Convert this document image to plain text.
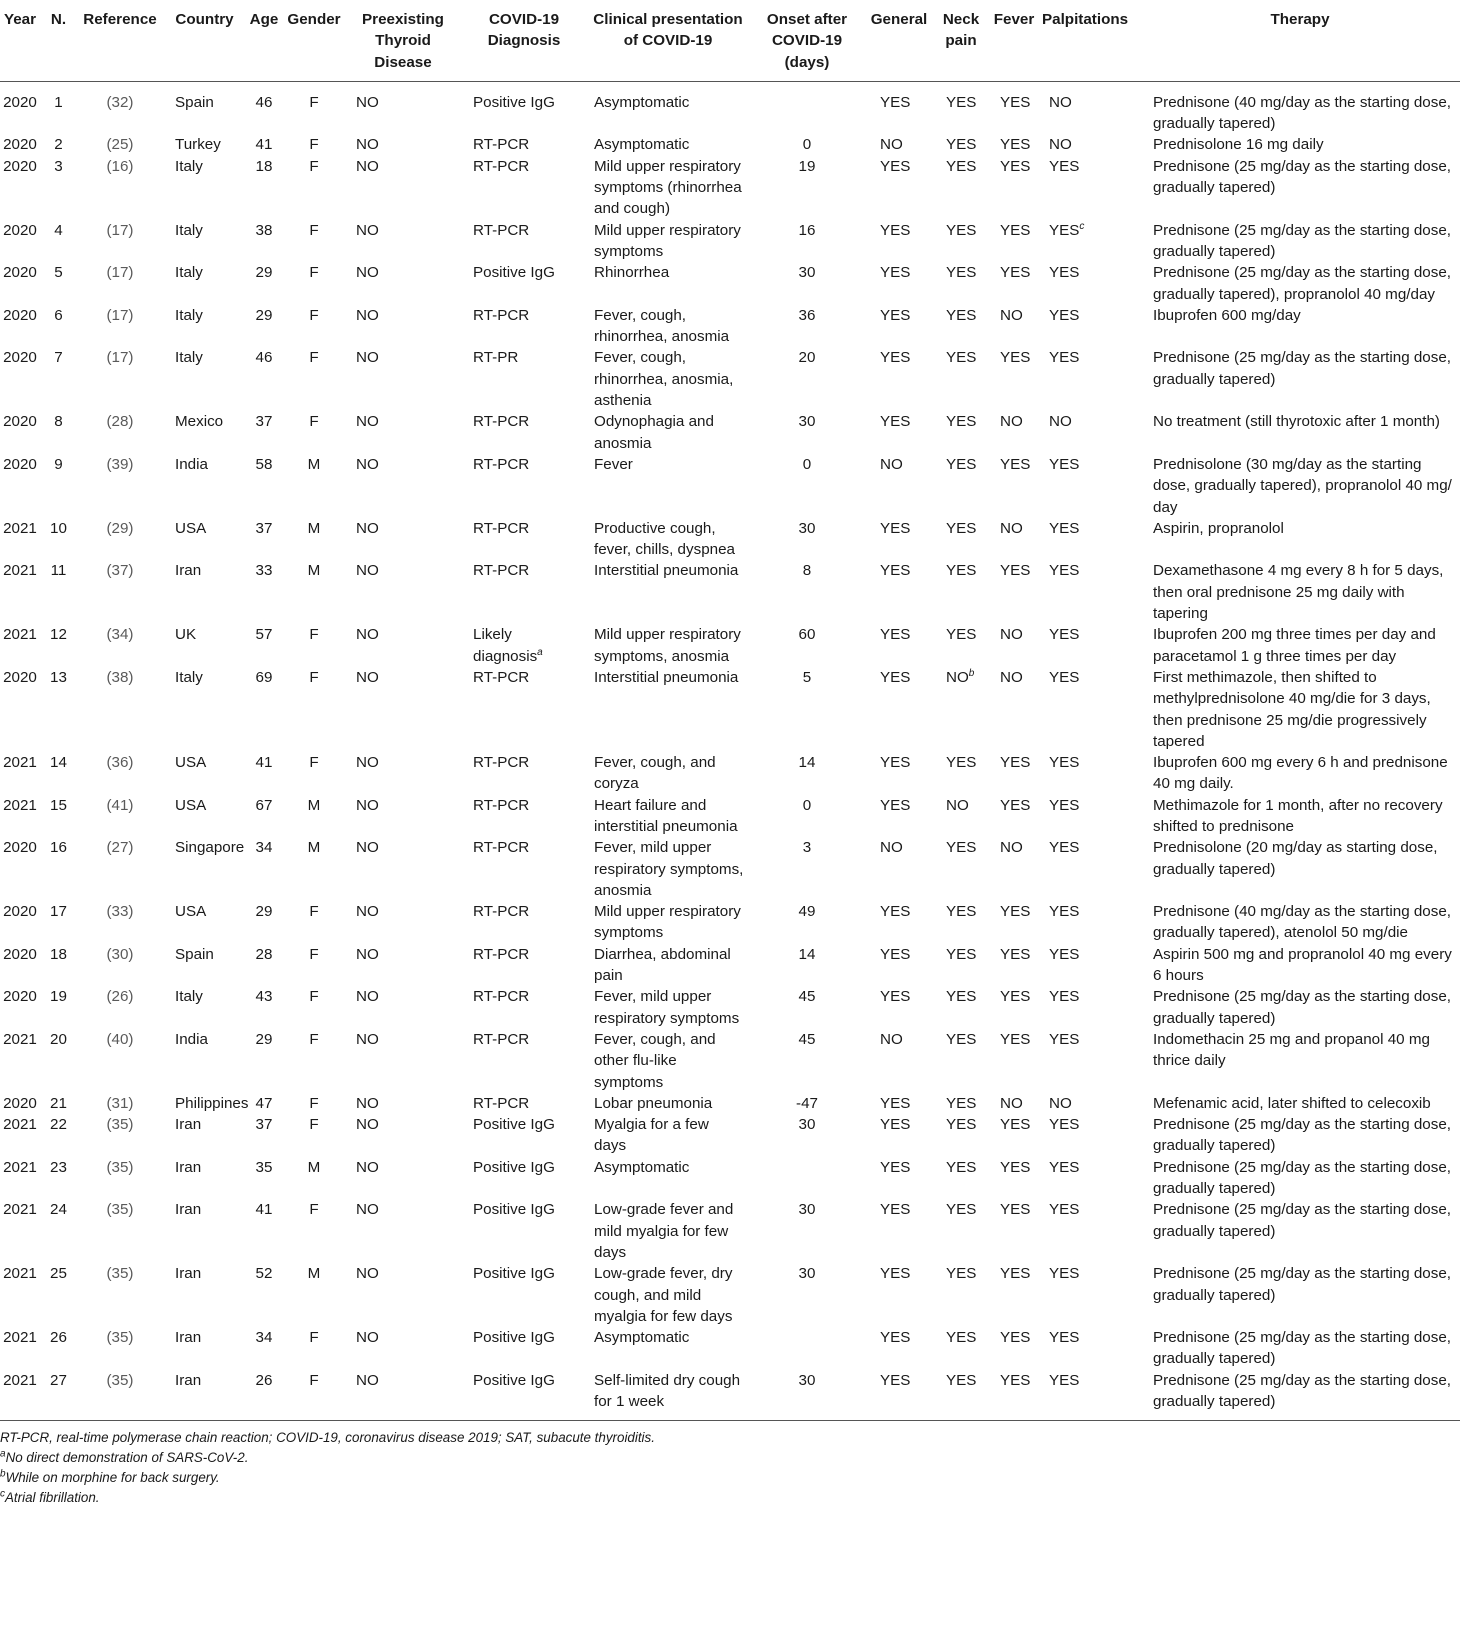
Year	N.	Reference	Country	Age	Gender	Preexisting Thyroid Disease	COVID-19 Diagnosis	Clinical presentation of COVID-19	Onset after COVID-19 (days)	General	Neck pain	Fever	Palpitations	Therapy
2020	1	(32)	Spain	46	F	NO	Positive IgG	Asymptomatic		YES	YES	YES	NO	Prednisone (40 mg/day as the starting dose, gradually tapered)
2020	2	(25)	Turkey	41	F	NO	RT-PCR	Asymptomatic	0	NO	YES	YES	NO	Prednisolone 16 mg daily
2020	3	(16)	Italy	18	F	NO	RT-PCR	Mild upper respiratory symptoms (rhinorrhea and cough)	19	YES	YES	YES	YES	Prednisone (25 mg/day as the starting dose, gradually tapered)
2020	4	(17)	Italy	38	F	NO	RT-PCR	Mild upper respiratory symptoms	16	YES	YES	YES	YES$^c$	Prednisone (25 mg/day as the starting dose, gradually tapered)
2020	5	(17)	Italy	29	F	NO	Positive IgG	Rhinorrhea	30	YES	YES	YES	YES	Prednisone (25 mg/day as the starting dose, gradually tapered), propranolol 40 mg/day
2020	6	(17)	Italy	29	F	NO	RT-PCR	Fever, cough, rhinorrhea, anosmia	36	YES	YES	NO	YES	Ibuprofen 600 mg/day
2020	7	(17)	Italy	46	F	NO	RT-PR	Fever, cough, rhinorrhea, anosmia, asthenia	20	YES	YES	YES	YES	Prednisone (25 mg/day as the starting dose, gradually tapered)
2020	8	(28)	Mexico	37	F	NO	RT-PCR	Odynophagia and anosmia	30	YES	YES	NO	NO	No treatment (still thyrotoxic after 1 month)
2020	9	(39)	India	58	M	NO	RT-PCR	Fever	0	NO	YES	YES	YES	Prednisolone (30 mg/day as the starting dose, gradually tapered), propranolol 40 mg/ day
2021	10	(29)	USA	37	M	NO	RT-PCR	Productive cough, fever, chills, dyspnea	30	YES	YES	NO	YES	Aspirin, propranolol
2021	11	(37)	Iran	33	M	NO	RT-PCR	Interstitial pneumonia	8	YES	YES	YES	YES	Dexamethasone 4 mg every 8 h for 5 days, then oral prednisone 25 mg daily with tapering
2021	12	(34)	UK	57	F	NO	Likely diagnosis$^a$	Mild upper respiratory symptoms, anosmia	60	YES	YES	NO	YES	Ibuprofen 200 mg three times per day and paracetamol 1 g three times per day
2020	13	(38)	Italy	69	F	NO	RT-PCR	Interstitial pneumonia	5	YES	$NO^b$	NO	YES	First methimazole, then shifted to methylprednisolone 40 mg/die for 3 days, then prednisone 25 mg/die progressively tapered
2021	14	(36)	USA	41	F	NO	RT-PCR	Fever, cough, and coryza	14	YES	YES	YES	YES	Ibuprofen 600 mg every 6 h and prednisone 40 mg daily.
2021	15	(41)	USA	67	M	NO	RT-PCR	Heart failure and interstitial pneumonia	0	YES	NO	YES	YES	Methimazole for 1 month, after no recovery shifted to prednisone
2020	16	(27)	Singapore	34	M	NO	RT-PCR	Fever, mild upper respiratory symptoms, anosmia	3	NO	YES	NO	YES	Prednisolone (20 mg/day as starting dose, gradually tapered)
2020	17	(33)	USA	29	F	NO	RT-PCR	Mild upper respiratory symptoms	49	YES	YES	YES	YES	Prednisone (40 mg/day as the starting dose, gradually tapered), atenolol 50 mg/die
2020	18	(30)	Spain	28	F	NO	RT-PCR	Diarrhea, abdominal pain	14	YES	YES	YES	YES	Aspirin 500 mg and propranolol 40 mg every 6 hours
2020	19	(26)	Italy	43	F	NO	RT-PCR	Fever, mild upper respiratory symptoms	45	YES	YES	YES	YES	Prednisone (25 mg/day as the starting dose, gradually tapered)
2021	20	(40)	India	29	F	NO	RT-PCR	Fever, cough, and other flu-like symptoms	45	NO	YES	YES	YES	Indomethacin 25 mg and propanol 40 mg thrice daily
2020	21	(31)	Philippines	47	F	NO	RT-PCR	Lobar pneumonia	-47	YES	YES	NO	NO	Mefenamic acid, later shifted to celecoxib
2021	22	(35)	Iran	37	F	NO	Positive IgG	Myalgia for a few days	30	YES	YES	YES	YES	Prednisone (25 mg/day as the starting dose, gradually tapered)
2021	23	(35)	Iran	35	M	NO	Positive IgG	Asymptomatic		YES	YES	YES	YES	Prednisone (25 mg/day as the starting dose, gradually tapered)
2021	24	(35)	Iran	41	F	NO	Positive IgG	Low-grade fever and mild myalgia for few days	30	YES	YES	YES	YES	Prednisone (25 mg/day as the starting dose, gradually tapered)
2021	25	(35)	Iran	52	M	NO	Positive IgG	Low-grade fever, dry cough, and mild myalgia for few days	30	YES	YES	YES	YES	Prednisone (25 mg/day as the starting dose, gradually tapered)
2021	26	(35)	Iran	34	F	NO	Positive IgG	Asymptomatic		YES	YES	YES	YES	Prednisone (25 mg/day as the starting dose, gradually tapered)
2021	27	(35)	Iran	26	F	NO	Positive IgG	Self-limited dry cough for 1 week	30	YES	YES	YES	YES	Prednisone (25 mg/day as the starting dose, gradually tapered)
RT-PCR, real-time polymerase chain reaction; COVID-19, coronavirus disease 2019; SAT, subacute thyroiditis.
$^a$No direct demonstration of SARS-CoV-2.
$^b$While on morphine for back surgery.
$^c$Atrial fibrillation.
